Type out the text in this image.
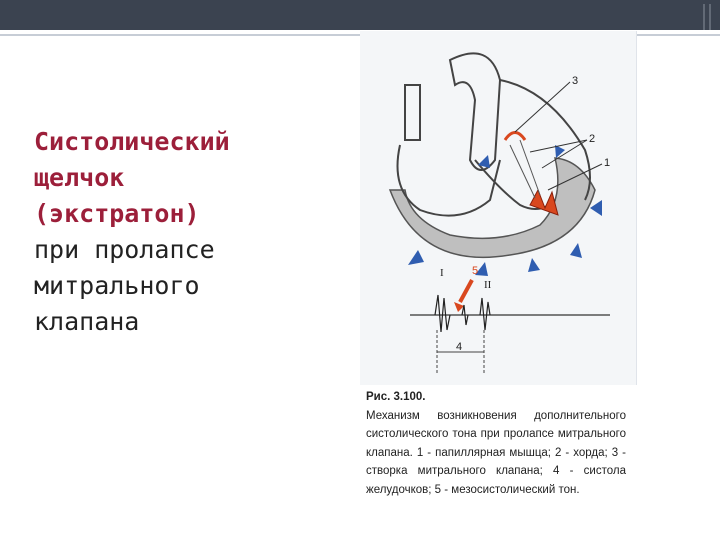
Систолический
щелчок
(экстратон)
при пролапсе
митрального
клапана
3
2
1
5
I
II
4
Рис. 3.100.
Механизм возникновения дополнительного систолического тона при пролапсе митрального клапана. 1 - папиллярная мышца; 2 - хорда; 3 - створка митрального клапана; 4 - систола желудочков; 5 - мезосистолический тон.
